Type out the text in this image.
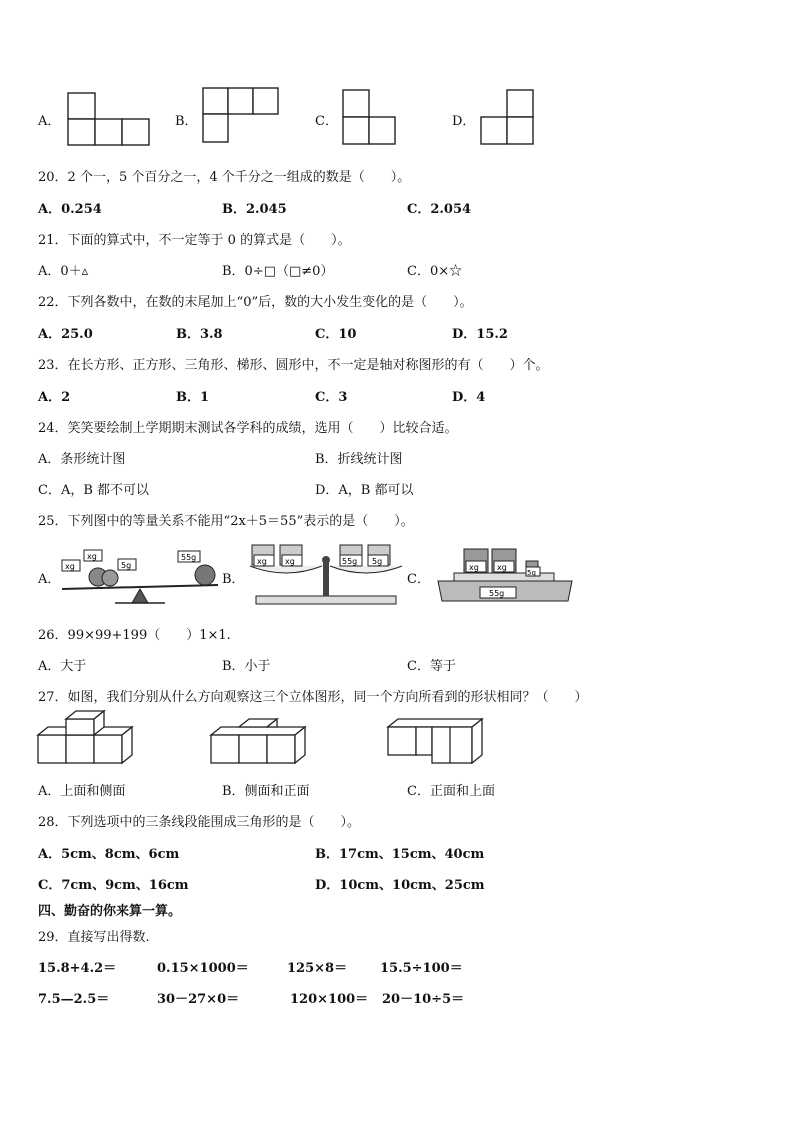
A．	B．	C．	D．
20．2 个一，5 个百分之一，4 个千分之一组成的数是（　　）。
A．0.254	B．2.045	C．2.054
21．下面的算式中，不一定等于 0 的算式是（　　）。
A．0＋▵	B．0÷□（□≠0）	C．0×☆
22．下列各数中，在数的末尾加上“0”后，数的大小发生变化的是（　　）。
A．25.0	B．3.8	C．10	D．15.2
23．在长方形、正方形、三角形、梯形、圆形中，不一定是轴对称图形的有（　　）个。
A．2	B．1	C．3	D．4
24．笑笑要绘制上学期期末测试各学科的成绩，选用（　　）比较合适。
A．条形统计图	B．折线统计图
C．A，B 都不可以	D．A，B 都可以
25．下列图中的等量关系不能用“2x＋5＝55”表示的是（　　）。
A．
xg
xg
5g
55g
B．
xg xg	55g 5g
C．
xg xg
5g
55g
26．99×99+199（　　）1×1.
A．大于	B．小于	C．等于
27．如图，我们分别从什么方向观察这三个立体图形，同一个方向所看到的形状相同？（　　）
A．上面和侧面	B．侧面和正面	C．正面和上面
28．下列选项中的三条线段能围成三角形的是（　　）。
A．5cm、8cm、6cm	B．17cm、15cm、40cm
C．7cm、9cm、16cm	D．10cm、10cm、25cm
四、勤奋的你来算一算。
29．直接写出得数.
15.8+4.2＝	0.15×1000＝	125×8＝	15.5÷100＝
7.5—2.5＝	30－27×0＝	120×100＝ 20－10÷5＝
